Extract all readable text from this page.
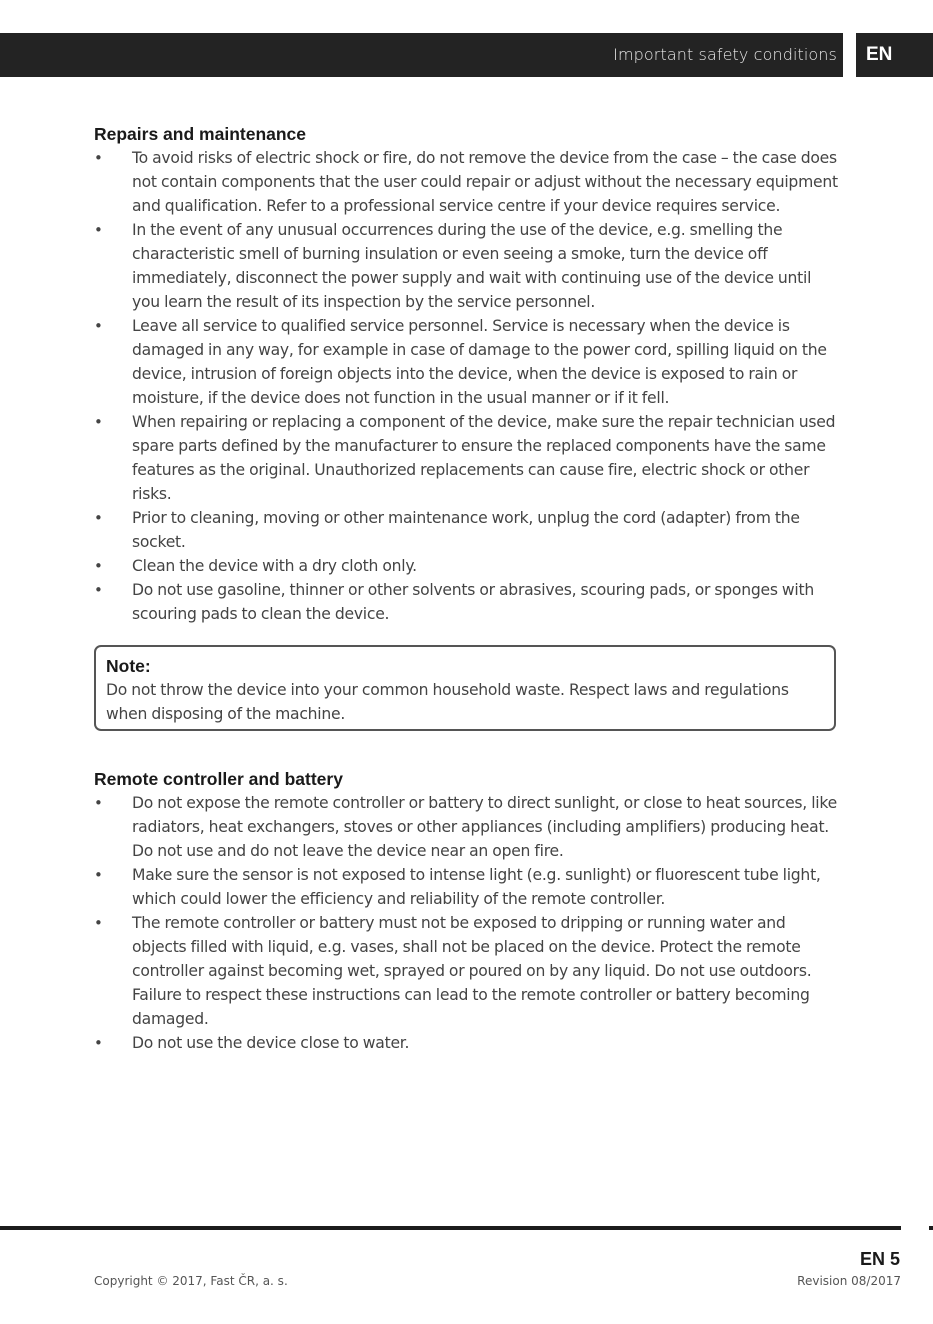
Important safety conditions EN
Repairs and maintenance
• To avoid risks of electric shock or fire, do not remove the device from the case – the case does not contain components that the user could repair or adjust without the necessary equipment and qualification. Refer to a professional service centre if your device requires service.
• In the event of any unusual occurrences during the use of the device, e.g. smelling the characteristic smell of burning insulation or even seeing a smoke, turn the device off immediately, disconnect the power supply and wait with continuing use of the device until you learn the result of its inspection by the service personnel.
• Leave all service to qualified service personnel. Service is necessary when the device is damaged in any way, for example in case of damage to the power cord, spilling liquid on the device, intrusion of foreign objects into the device, when the device is exposed to rain or moisture, if the device does not function in the usual manner or if it fell.
• When repairing or replacing a component of the device, make sure the repair technician used spare parts defined by the manufacturer to ensure the replaced components have the same features as the original. Unauthorized replacements can cause fire, electric shock or other risks.
• Prior to cleaning, moving or other maintenance work, unplug the cord (adapter) from the socket.
• Clean the device with a dry cloth only.
• Do not use gasoline, thinner or other solvents or abrasives, scouring pads, or sponges with scouring pads to clean the device.
Note:
Do not throw the device into your common household waste. Respect laws and regulations when disposing of the machine.
Remote controller and battery
• Do not expose the remote controller or battery to direct sunlight, or close to heat sources, like radiators, heat exchangers, stoves or other appliances (including amplifiers) producing heat. Do not use and do not leave the device near an open fire.
• Make sure the sensor is not exposed to intense light (e.g. sunlight) or fluorescent tube light, which could lower the efficiency and reliability of the remote controller.
• The remote controller or battery must not be exposed to dripping or running water and objects filled with liquid, e.g. vases, shall not be placed on the device. Protect the remote controller against becoming wet, sprayed or poured on by any liquid. Do not use outdoors. Failure to respect these instructions can lead to the remote controller or battery becoming damaged.
• Do not use the device close to water.
EN 5
Copyright © 2017, Fast ČR, a. s.	Revision 08/2017
